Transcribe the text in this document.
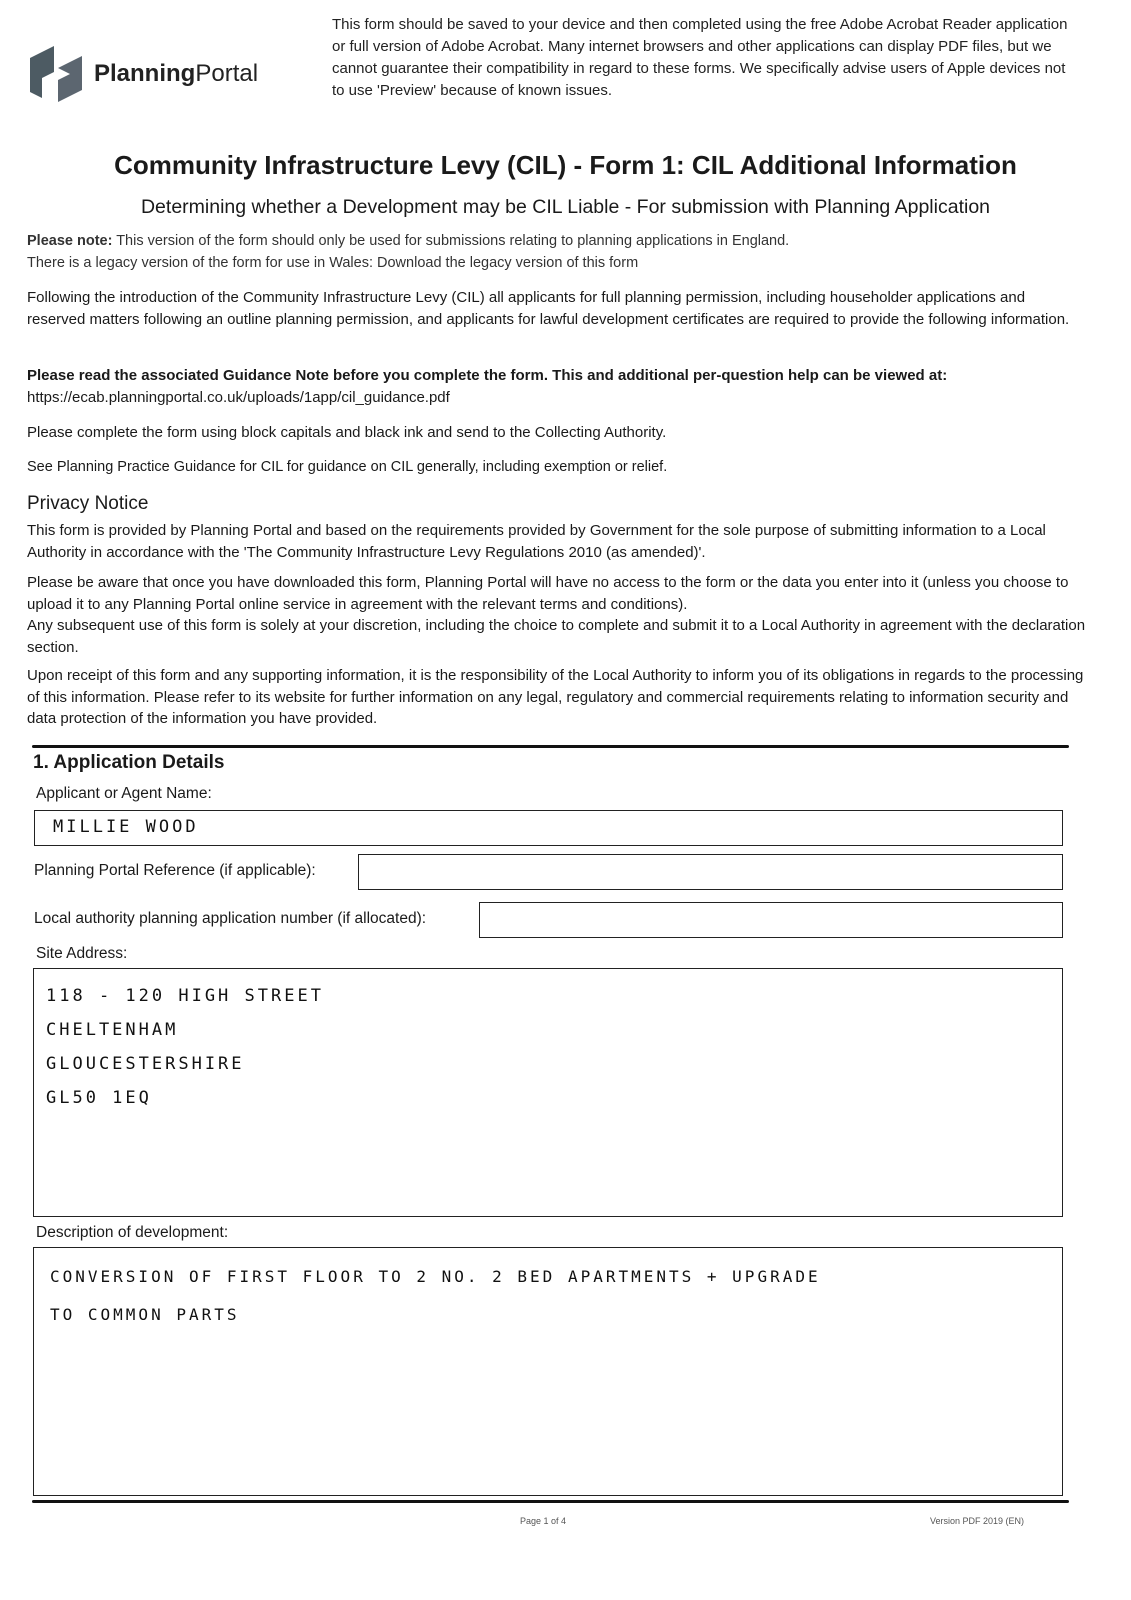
PlanningPortal
This form should be saved to your device and then completed using the free Adobe Acrobat Reader application or full version of Adobe Acrobat. Many internet browsers and other applications can display PDF files, but we cannot guarantee their compatibility in regard to these forms. We specifically advise users of Apple devices not to use 'Preview' because of known issues.
Community Infrastructure Levy (CIL) - Form 1: CIL Additional Information
Determining whether a Development may be CIL Liable - For submission with Planning Application
Please note: This version of the form should only be used for submissions relating to planning applications in England.
There is a legacy version of the form for use in Wales: Download the legacy version of this form
Following the introduction of the Community Infrastructure Levy (CIL) all applicants for full planning permission, including householder applications and reserved matters following an outline planning permission, and applicants for lawful development certificates are required to provide the following information.
Please read the associated Guidance Note before you complete the form. This and additional per-question help can be viewed at:
https://ecab.planningportal.co.uk/uploads/1app/cil_guidance.pdf
Please complete the form using block capitals and black ink and send to the Collecting Authority.
See Planning Practice Guidance for CIL for guidance on CIL generally, including exemption or relief.
Privacy Notice
This form is provided by Planning Portal and based on the requirements provided by Government for the sole purpose of submitting information to a Local Authority in accordance with the 'The Community Infrastructure Levy Regulations 2010 (as amended)'.
Please be aware that once you have downloaded this form, Planning Portal will have no access to the form or the data you enter into it (unless you choose to upload it to any Planning Portal online service in agreement with the relevant terms and conditions).
Any subsequent use of this form is solely at your discretion, including the choice to complete and submit it to a Local Authority in agreement with the declaration section.
Upon receipt of this form and any supporting information, it is the responsibility of the Local Authority to inform you of its obligations in regards to the processing of this information. Please refer to its website for further information on any legal, regulatory and commercial requirements relating to information security and data protection of the information you have provided.
1. Application Details
Applicant or Agent Name:
MILLIE WOOD
Planning Portal Reference (if applicable):
Local authority planning application number (if allocated):
Site Address:
118 - 120 HIGH STREET
CHELTENHAM
GLOUCESTERSHIRE
GL50 1EQ
Description of development:
CONVERSION OF FIRST FLOOR TO 2 NO. 2 BED APARTMENTS + UPGRADE
TO COMMON PARTS
Page 1 of 4	Version PDF 2019 (EN)
